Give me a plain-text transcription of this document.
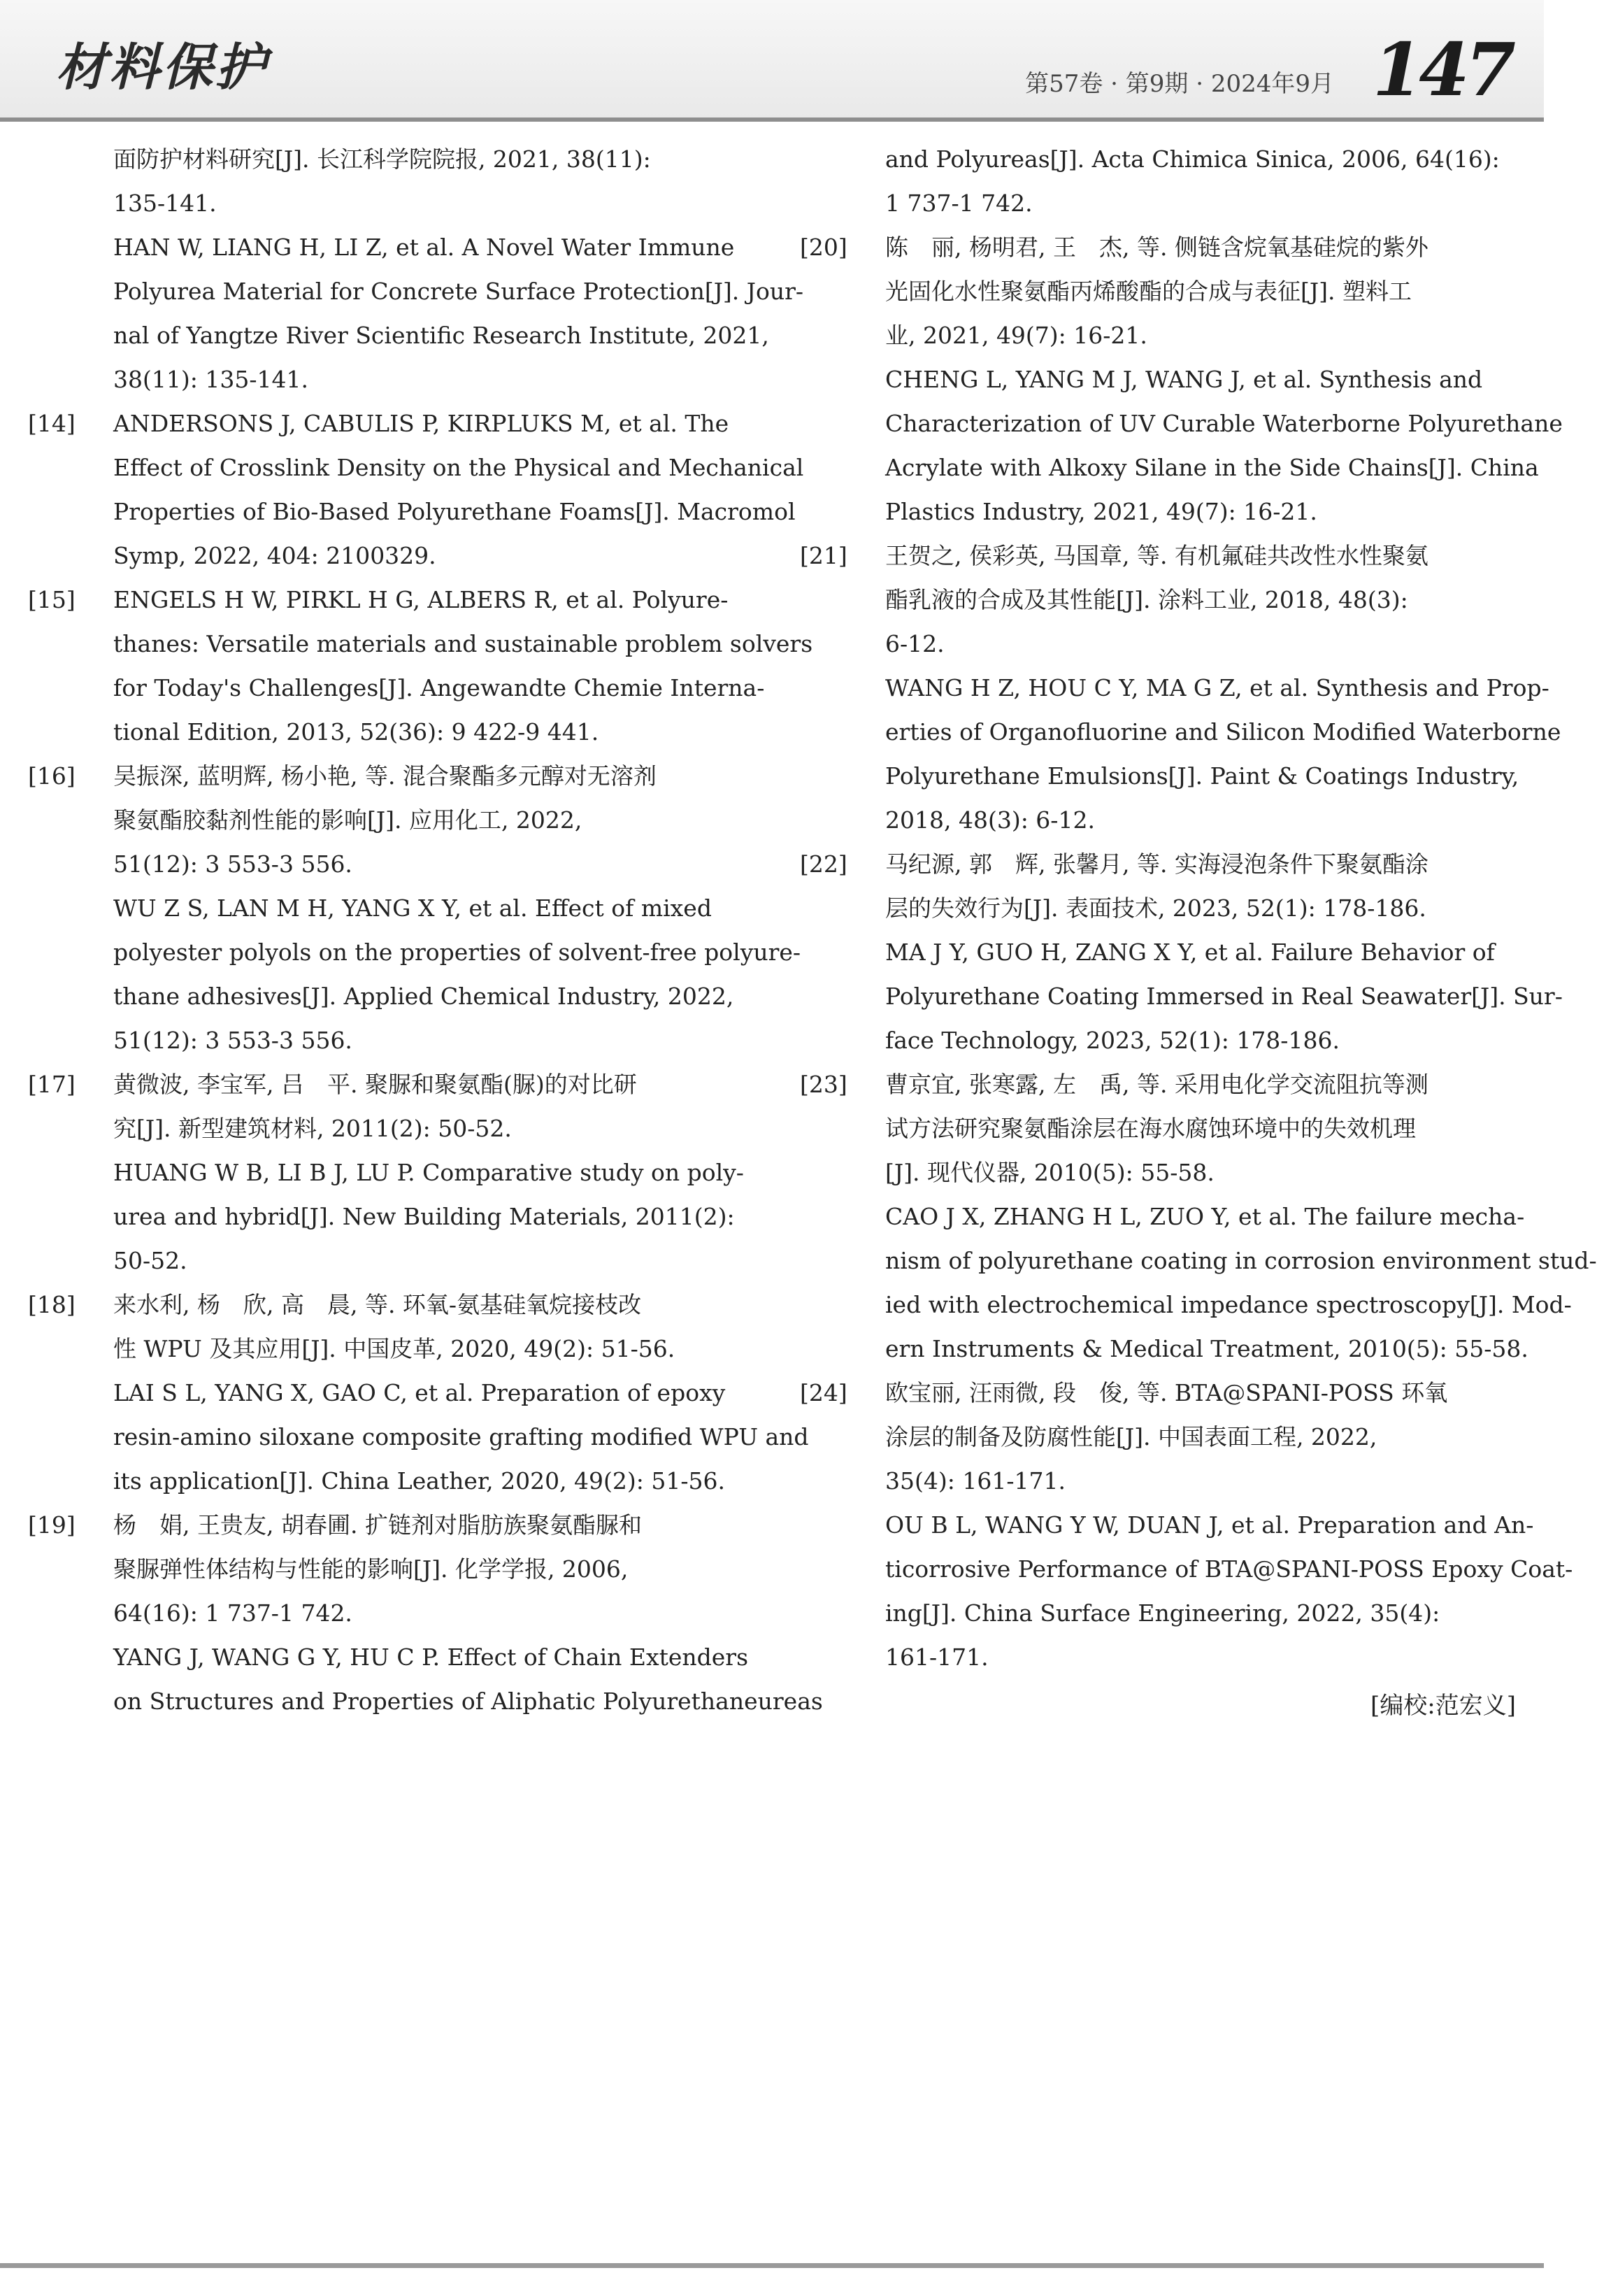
材料保护	第57卷 · 第9期 · 2024年9月 147
面防护材料研究[J]. 长江科学院院报, 2021, 38(11):
135-141.
HAN W, LIANG H, LI Z, et al. A Novel Water Immune
Polyurea Material for Concrete Surface Protection[J]. Jour-
nal of Yangtze River Scientific Research Institute, 2021,
38(11): 135-141.
[14] ANDERSONS J, CABULIS P, KIRPLUKS M, et al. The
Effect of Crosslink Density on the Physical and Mechanical
Properties of Bio-Based Polyurethane Foams[J]. Macromol
Symp, 2022, 404: 2100329.
[15] ENGELS H W, PIRKL H G, ALBERS R, et al. Polyure-
thanes: Versatile materials and sustainable problem solvers
for Today's Challenges[J]. Angewandte Chemie Interna-
tional Edition, 2013, 52(36): 9 422-9 441.
[16] 吴振深, 蓝明辉, 杨小艳, 等. 混合聚酯多元醇对无溶剂
聚氨酯胶黏剂性能的影响[J]. 应用化工, 2022,
51(12): 3 553-3 556.
WU Z S, LAN M H, YANG X Y, et al. Effect of mixed
polyester polyols on the properties of solvent-free polyure-
thane adhesives[J]. Applied Chemical Industry, 2022,
51(12): 3 553-3 556.
[17] 黄微波, 李宝军, 吕　平. 聚脲和聚氨酯(脲)的对比研
究[J]. 新型建筑材料, 2011(2): 50-52.
HUANG W B, LI B J, LU P. Comparative study on poly-
urea and hybrid[J]. New Building Materials, 2011(2):
50-52.
[18] 来水利, 杨　欣, 高　晨, 等. 环氧-氨基硅氧烷接枝改
性 WPU 及其应用[J]. 中国皮革, 2020, 49(2): 51-56.
LAI S L, YANG X, GAO C, et al. Preparation of epoxy
resin-amino siloxane composite grafting modified WPU and
its application[J]. China Leather, 2020, 49(2): 51-56.
[19] 杨　娟, 王贵友, 胡春圃. 扩链剂对脂肪族聚氨酯脲和
聚脲弹性体结构与性能的影响[J]. 化学学报, 2006,
64(16): 1 737-1 742.
YANG J, WANG G Y, HU C P. Effect of Chain Extenders
on Structures and Properties of Aliphatic Polyurethaneureas
and Polyureas[J]. Acta Chimica Sinica, 2006, 64(16):
1 737-1 742.
[20] 陈　丽, 杨明君, 王　杰, 等. 侧链含烷氧基硅烷的紫外
光固化水性聚氨酯丙烯酸酯的合成与表征[J]. 塑料工
业, 2021, 49(7): 16-21.
CHENG L, YANG M J, WANG J, et al. Synthesis and
Characterization of UV Curable Waterborne Polyurethane
Acrylate with Alkoxy Silane in the Side Chains[J]. China
Plastics Industry, 2021, 49(7): 16-21.
[21] 王贺之, 侯彩英, 马国章, 等. 有机氟硅共改性水性聚氨
酯乳液的合成及其性能[J]. 涂料工业, 2018, 48(3):
6-12.
WANG H Z, HOU C Y, MA G Z, et al. Synthesis and Prop-
erties of Organofluorine and Silicon Modified Waterborne
Polyurethane Emulsions[J]. Paint & Coatings Industry,
2018, 48(3): 6-12.
[22] 马纪源, 郭　辉, 张馨月, 等. 实海浸泡条件下聚氨酯涂
层的失效行为[J]. 表面技术, 2023, 52(1): 178-186.
MA J Y, GUO H, ZANG X Y, et al. Failure Behavior of
Polyurethane Coating Immersed in Real Seawater[J]. Sur-
face Technology, 2023, 52(1): 178-186.
[23] 曹京宜, 张寒露, 左　禹, 等. 采用电化学交流阻抗等测
试方法研究聚氨酯涂层在海水腐蚀环境中的失效机理
[J]. 现代仪器, 2010(5): 55-58.
CAO J X, ZHANG H L, ZUO Y, et al. The failure mecha-
nism of polyurethane coating in corrosion environment stud-
ied with electrochemical impedance spectroscopy[J]. Mod-
ern Instruments & Medical Treatment, 2010(5): 55-58.
[24] 欧宝丽, 汪雨微, 段　俊, 等. BTA@SPANI-POSS 环氧
涂层的制备及防腐性能[J]. 中国表面工程, 2022,
35(4): 161-171.
OU B L, WANG Y W, DUAN J, et al. Preparation and An-
ticorrosive Performance of BTA@SPANI-POSS Epoxy Coat-
ing[J]. China Surface Engineering, 2022, 35(4):
161-171.
[编校:范宏义]
